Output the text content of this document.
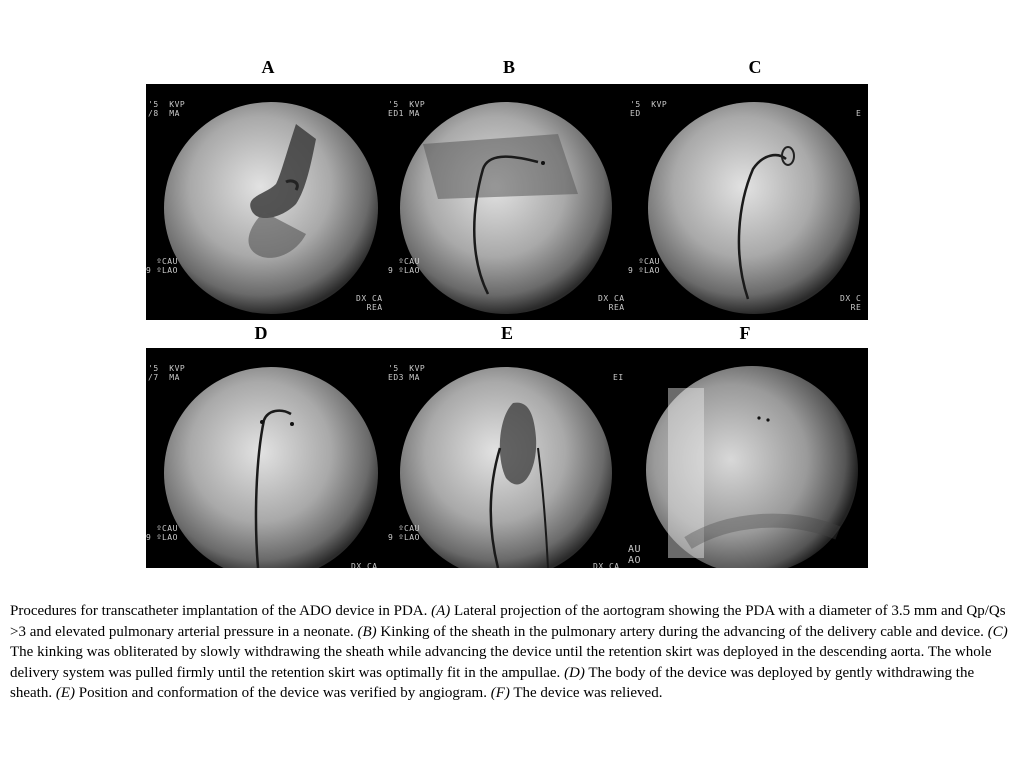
A	B	C
'5  KVP
/8  MA
ºCAU
9 ºLAO
DX CA
REA
'5  KVP
ED1 MA
ºCAU
9 ºLAO
DX CA
REA
'5  KVP
ED	E
ºCAU
9 ºLAO
DX C
RE
D	E	F
'5  KVP
/7  MA
ºCAU
9 ºLAO
DX CA
'5  KVP
ED3 MA	EI
ºCAU
9 ºLAO
DX CA
AU
AO
Procedures for transcatheter implantation of the ADO device in PDA. (A) Lateral projection of the aortogram showing the PDA with a diameter of 3.5 mm and Qp/Qs >3 and elevated pulmonary arterial pressure in a neonate. (B) Kinking of the sheath in the pulmonary artery during the advancing of the delivery cable and device. (C) The kinking was obliterated by slowly withdrawing the sheath while advancing the device until the retention skirt was deployed in the descending aorta. The whole delivery system was pulled firmly until the retention skirt was optimally fit in the ampullae. (D) The body of the device was deployed by gently withdrawing the sheath. (E) Position and conformation of the device was verified by angiogram. (F) The device was relieved.
